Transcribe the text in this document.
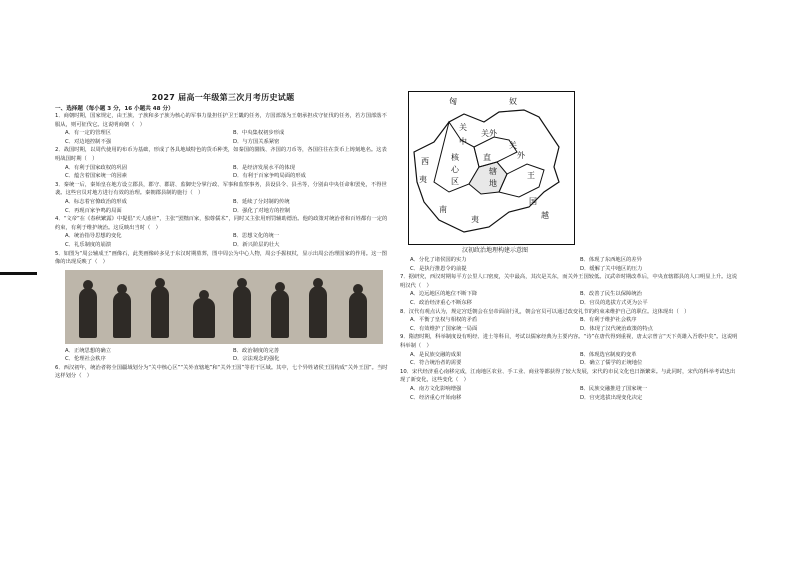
2027 届高一年级第三次月考历史试题

一、选择题（每小题 3 分，16 小题共 48 分）

1．商朝时期，国家规定，由王族、子族和多子族为核心的军事力量担任护卫王畿的任务，方国部落为王朝承担戍守征伐的任务，若方国部落不服从，则可征伐它。这说明商朝（　）

A．有一定的管理区	B．中央集权初步形成
C．对边地控制不强	D．与方国关系紧密

2．战国时期，以周代使用的布币为基础，形成了各具地域特色的货币种类，如秦国的圜钱、齐国的刀币等，各国往往在货币上铸刻地名。这表明战国时期（　）

A．有利于国家政权的巩固	B．是经济发展水平的体现
C．蕴含着国家统一的因素	D．有利于百家争鸣局面的形成

3．秦统一后，秦始皇在地方设立郡县，郡守、郡尉、监御史分掌行政、军事和监察事务，县设县令、县丞等，分别由中央任命和罢免，不得世袭。这些官员对地方进行有效的治理。秦朝郡县制的施行（　）

A．标志着官僚政治的形成	B．延续了分封制的传统
C．再现百家争鸣的局面	D．强化了对地方的控制

4．“文帝”在《春秋繁露》中提倡“天人感应”，主张“罢黜百家，独尊儒术”，同时又主张用刑罚辅助德治。他的政策对统治者和百姓都有一定的约束，有利于维护统治。这反映出当时（　）

A．统治指导思想的变化	B．思想文化的统一
C．礼乐制度的崩溃	D．新兴阶层的壮大

5．如图为“周公辅成王”画像石，此类画像砖多见于东汉时期墓葬，图中周公为中心人物，周公手握权杖，显示出周公治理国家的作用。这一图像的出现反映了（　）

A．正统思想的确立	B．政治制度的完善
C．伦理社会秩序	D．宗法观念的强化

6．西汉初年，统治者将全国疆域划分为“关中核心区”“关外直辖地”和“关外王国”等若干区域。其中，七个异姓诸侯王国构成“关外王国”。当时这样划分（　）

匈	奴
关
中
核
心
区
关外
直
辖
地
关
外
王
国
西
南
夷
夷	越
汉初政治地理构建示意图
A．分化了诸侯国的实力	B．体现了东西地区的差异
C．是执行推恩令的前提	D．缓解了关中地区的压力

7．据研究，西汉时期每平方公里人口密度，关中最高，其次是关东，而关外王国较低。汉武帝时期改革后，中央直辖郡县的人口明显上升。这说明汉代（　）

A．边远地区的地位不断下降	B．改善了民生以保障统治
C．政治经济重心不断东移	D．官员的选拔方式更为公平

8．汉代有观点认为，规定宫廷朝会在皇帝面前行礼，朝会官员可以通过改变礼节的约束来维护自己的职位。这体现出（　）

A．平衡了皇权与相权的矛盾	B．有利于维护社会秩序
C．有效维护了国家统一局面	D．体现了汉代统治政策的特点

9．隋唐时期，科举制度设有明经、进士等科目，考试以儒家经典为主要内容。“诗”在唐代得到重视，唐太宗曾言“天下英雄入吾彀中矣”。这说明科举制（　）

A．是民族交融的成果	B．体现选官制度的变革
C．符合统治者的需要	D．确立了儒学的正统地位

10．宋代经济重心南移完成，江南地区农业、手工业、商业等都获得了较大发展，宋代的市民文化也日渐繁荣。与此同时，宋代的科举考试也出现了新变化，这些变化（　）

A．南方文化影响增强	B．民族交融推进了国家统一
C．经济重心开始南移	D．官吏选拔出现变化决定
